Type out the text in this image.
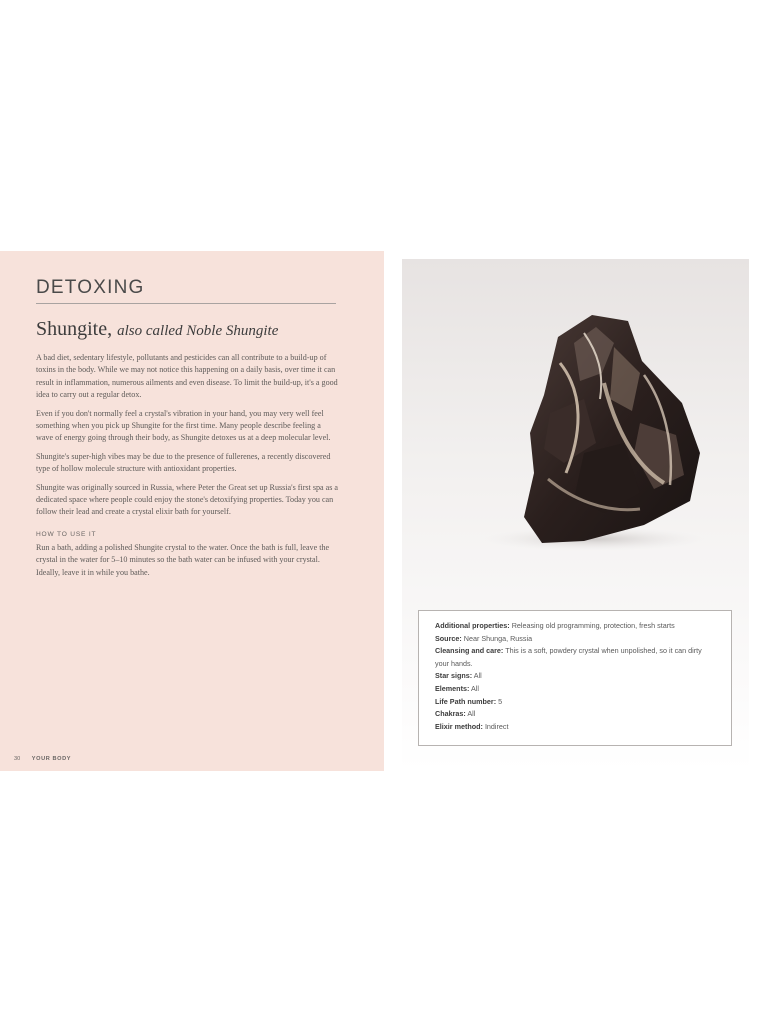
DETOXING
Shungite, also called Noble Shungite

A bad diet, sedentary lifestyle, pollutants and pesticides can all contribute to a build-up of toxins in the body. While we may not notice this happening on a daily basis, over time it can result in inflammation, numerous ailments and even disease. To limit the build-up, it's a good idea to carry out a regular detox.

Even if you don't normally feel a crystal's vibration in your hand, you may very well feel something when you pick up Shungite for the first time. Many people describe feeling a wave of energy going through their body, as Shungite detoxes us at a deep molecular level.

Shungite's super-high vibes may be due to the presence of fullerenes, a recently discovered type of hollow molecule structure with antioxidant properties.

Shungite was originally sourced in Russia, where Peter the Great set up Russia's first spa as a dedicated space where people could enjoy the stone's detoxifying properties. Today you can follow their lead and create a crystal elixir bath for yourself.

HOW TO USE IT

Run a bath, adding a polished Shungite crystal to the water. Once the bath is full, leave the crystal in the water for 5–10 minutes so the bath water can be infused with your crystal. Ideally, leave it in while you bathe.

30 YOUR BODY
Additional properties: Releasing old programming, protection, fresh starts
Source: Near Shunga, Russia
Cleansing and care: This is a soft, powdery crystal when unpolished, so it can dirty your hands.
Star signs: All
Elements: All
Life Path number: 5
Chakras: All
Elixir method: Indirect
